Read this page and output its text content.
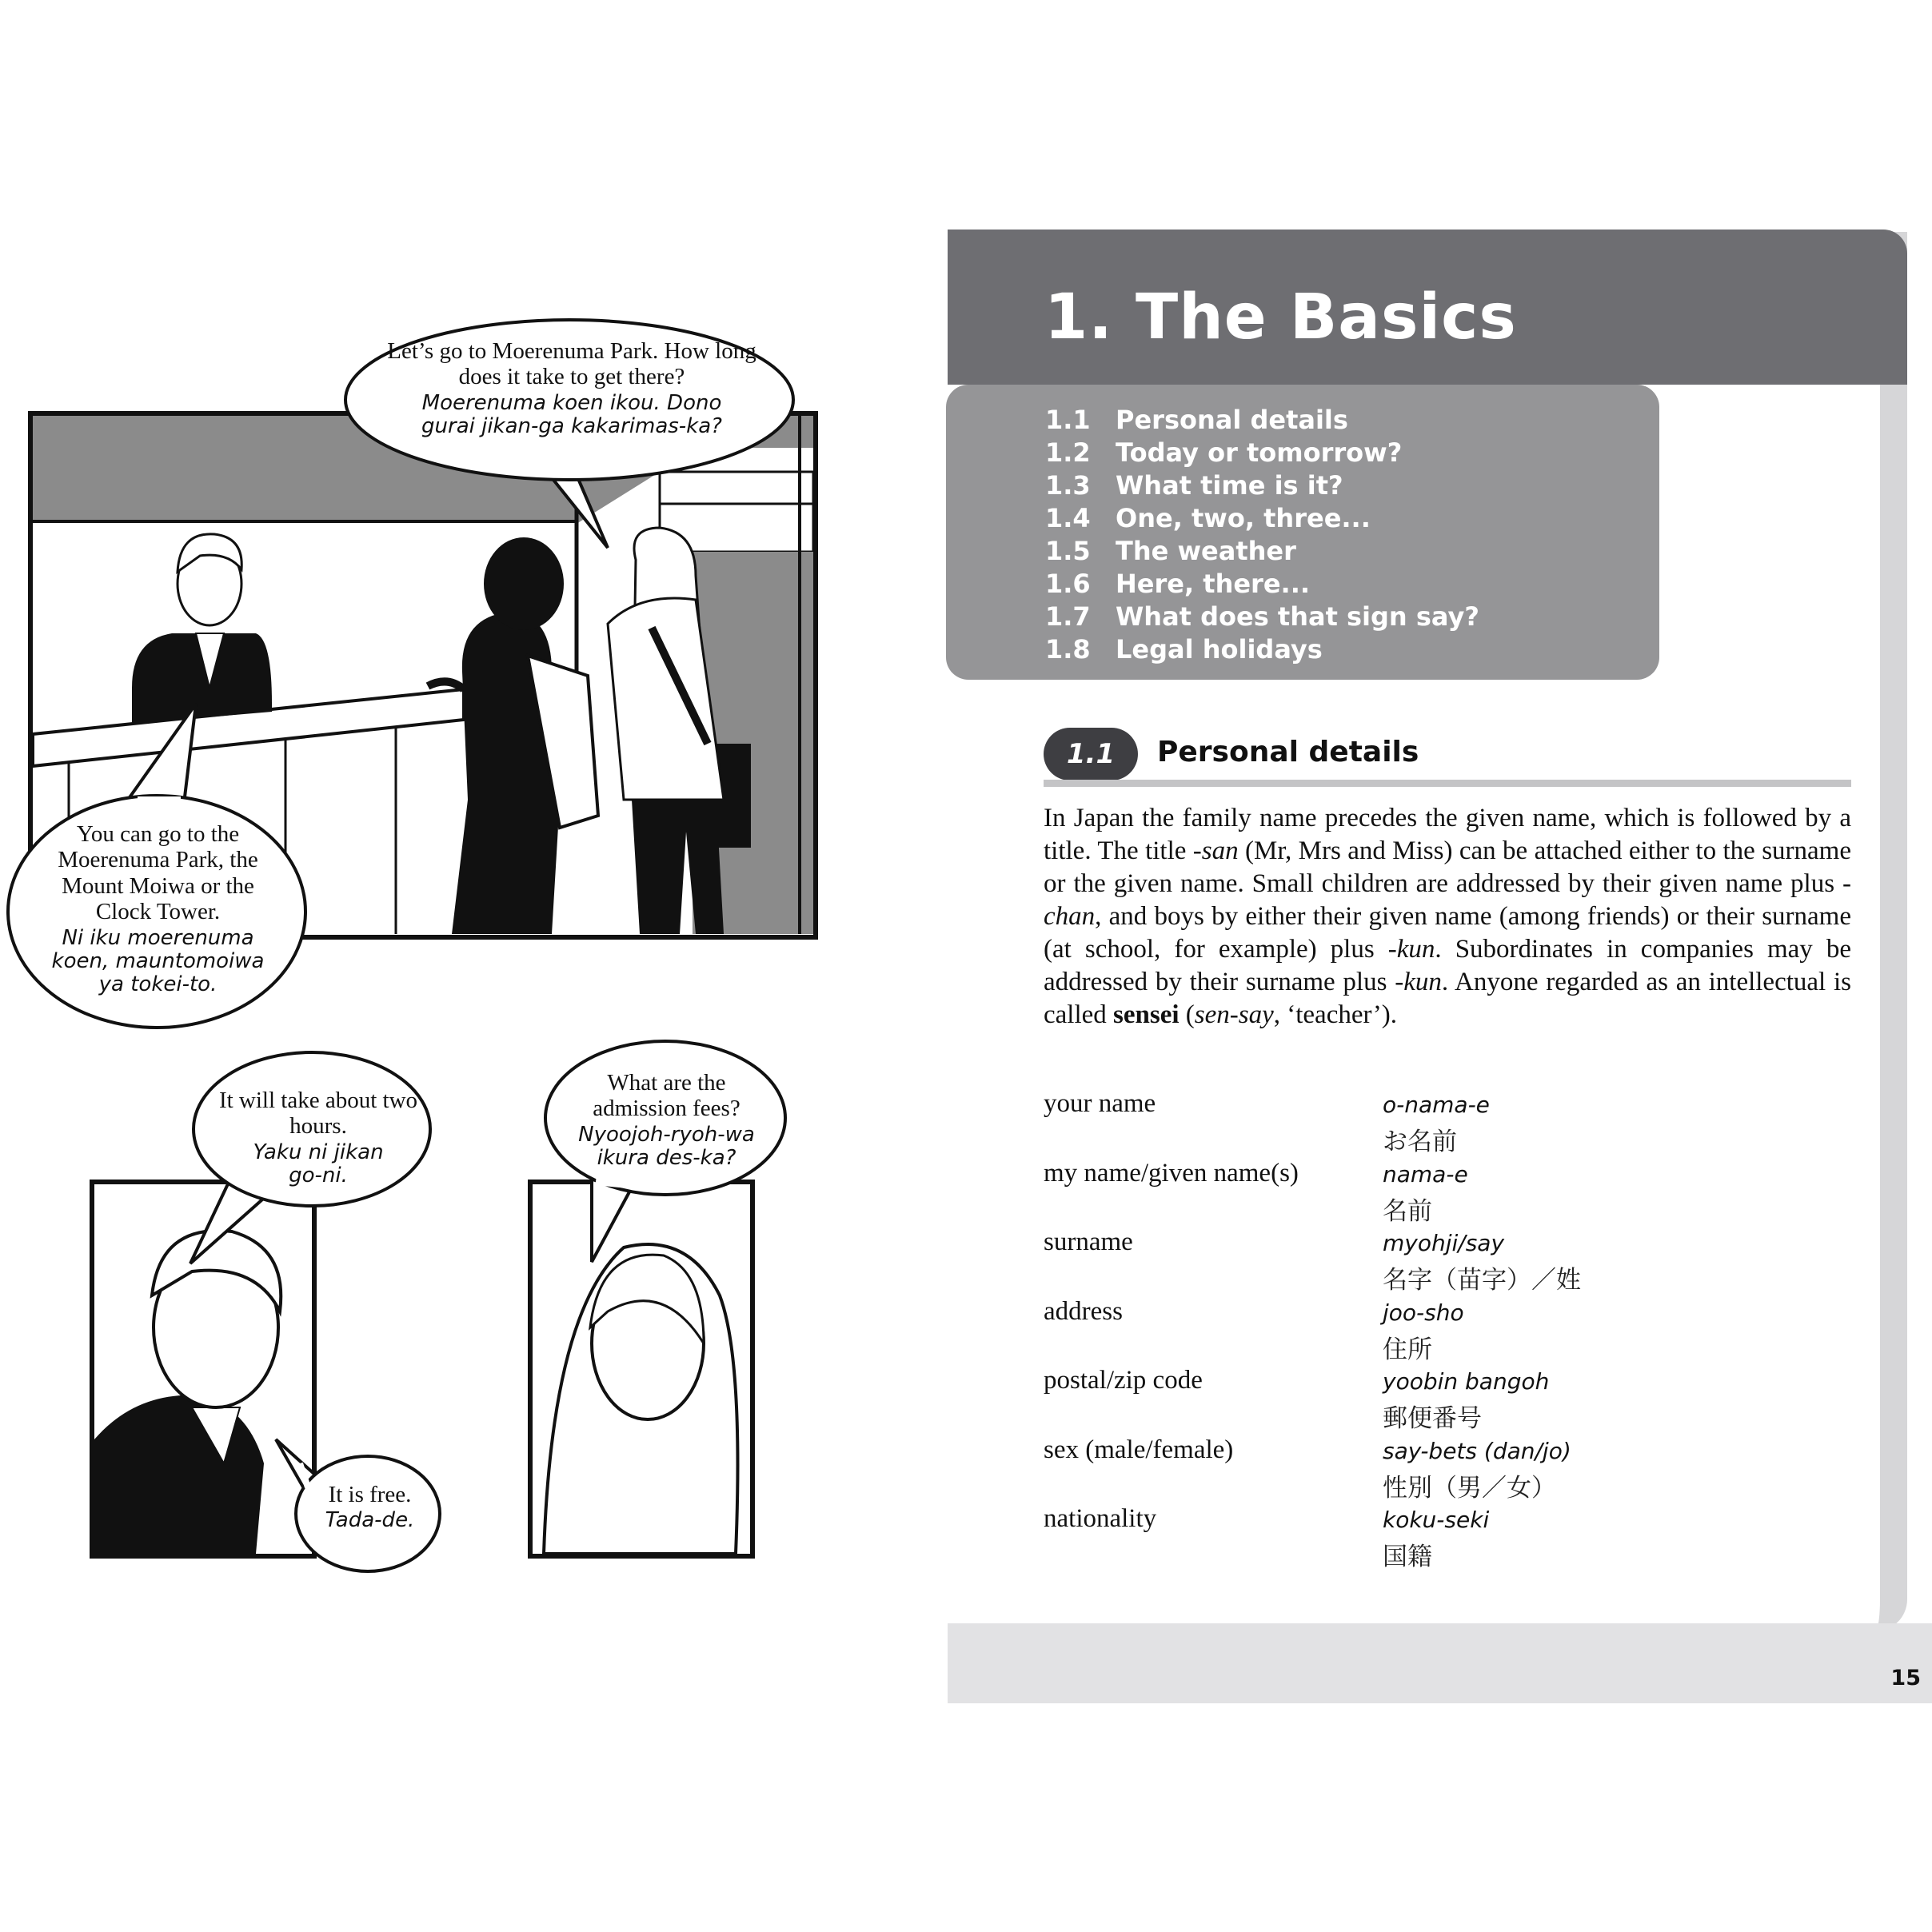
Let’s go to Moerenuma Park. How long does it take to get there?
Moerenuma koen ikou. Dono gurai jikan-ga kakarimas-ka?
You can go to the Moerenuma Park, the Mount Moiwa or the Clock Tower.
Ni iku moerenuma koen, mauntomoiwa ya tokei-to.
It will take about two hours.
Yaku ni jikan go-ni.
What are the admission fees?
Nyoojoh-ryoh-wa ikura des-ka?
It is free.
Tada-de.
15
1. The Basics
1.1 Personal details
1.2 Today or tomorrow?
1.3 What time is it?
1.4 One, two, three...
1.5 The weather
1.6 Here, there...
1.7 What does that sign say?
1.8 Legal holidays
1.1	Personal details
In Japan the family name precedes the given name, which is followed by a title. The title -san (Mr, Mrs and Miss) can be attached either to the surname or the given name. Small children are addressed by their given name plus -chan, and boys by either their given name (among friends) or their surname (at school, for example) plus -kun. Subordinates in companies may be addressed by their surname plus -kun. Anyone regarded as an intellectual is called sensei (sen-say, ‘teacher’).
your name	o-nama-e
お名前
my name/given name(s)	nama-e
名前
surname	myohji/say
名字（苗字）／姓
address	joo-sho
住所
postal/zip code	yoobin bangoh
郵便番号
sex (male/female)	say-bets (dan/jo)
性別（男／女）
nationality	koku-seki
国籍
